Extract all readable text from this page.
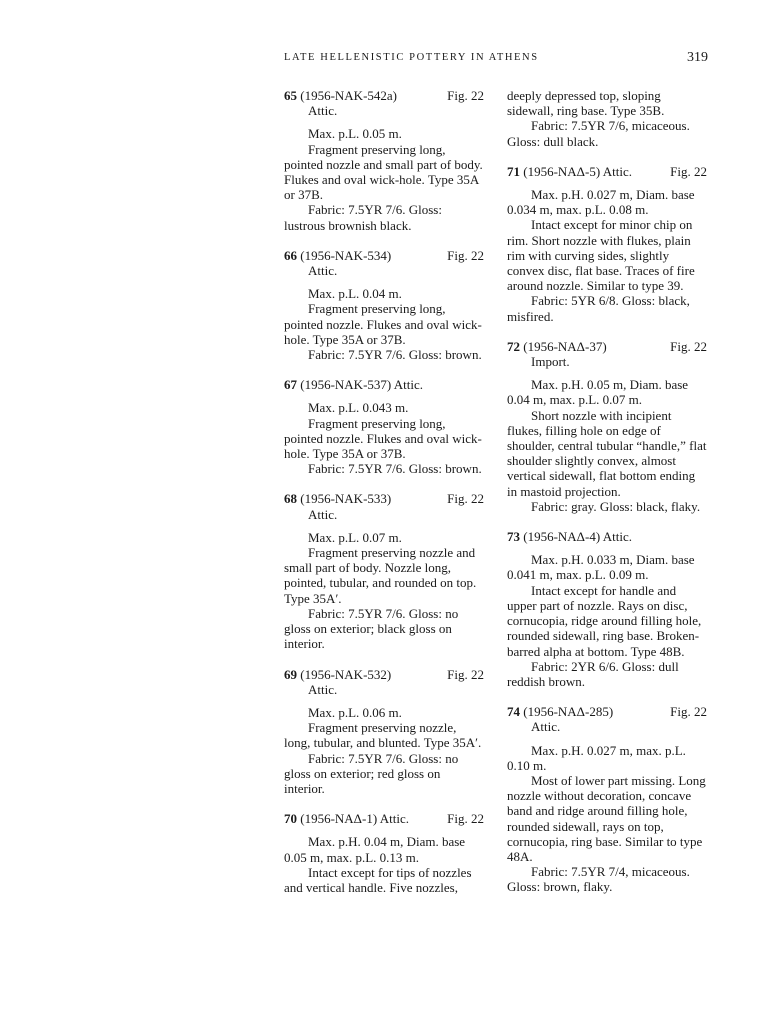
LATE HELLENISTIC POTTERY IN ATHENS	319
65 (1956-NAK-542a)	Fig. 22
Attic.

Max. p.L. 0.05 m.

Fragment preserving long, pointed nozzle and small part of body. Flukes and oval wick-hole. Type 35A or 37B.

Fabric: 7.5YR 7/6. Gloss: lustrous brownish black.

66 (1956-NAK-534)	Fig. 22
Attic.

Max. p.L. 0.04 m.

Fragment preserving long, pointed nozzle. Flukes and oval wick-hole. Type 35A or 37B.

Fabric: 7.5YR 7/6. Gloss: brown.

67 (1956-NAK-537) Attic.

Max. p.L. 0.043 m.

Fragment preserving long, pointed nozzle. Flukes and oval wick-hole. Type 35A or 37B.

Fabric: 7.5YR 7/6. Gloss: brown.

68 (1956-NAK-533)	Fig. 22
Attic.

Max. p.L. 0.07 m.

Fragment preserving nozzle and small part of body. Nozzle long, pointed, tubular, and rounded on top. Type 35A′.

Fabric: 7.5YR 7/6. Gloss: no gloss on exterior; black gloss on interior.

69 (1956-NAK-532)	Fig. 22
Attic.

Max. p.L. 0.06 m.

Fragment preserving nozzle, long, tubular, and blunted. Type 35A′.

Fabric: 7.5YR 7/6. Gloss: no gloss on exterior; red gloss on interior.

70 (1956-NAΔ-1) Attic.	Fig. 22

Max. p.H. 0.04 m, Diam. base 0.05 m, max. p.L. 0.13 m.

Intact except for tips of nozzles and vertical handle. Five nozzles,

deeply depressed top, sloping sidewall, ring base. Type 35B.

Fabric: 7.5YR 7/6, micaceous. Gloss: dull black.

71 (1956-NAΔ-5) Attic.	Fig. 22

Max. p.H. 0.027 m, Diam. base 0.034 m, max. p.L. 0.08 m.

Intact except for minor chip on rim. Short nozzle with flukes, plain rim with curving sides, slightly convex disc, flat base. Traces of fire around nozzle. Similar to type 39.

Fabric: 5YR 6/8. Gloss: black, misfired.

72 (1956-NAΔ-37)	Fig. 22
Import.

Max. p.H. 0.05 m, Diam. base 0.04 m, max. p.L. 0.07 m.

Short nozzle with incipient flukes, filling hole on edge of shoulder, central tubular “handle,” flat shoulder slightly convex, almost vertical sidewall, flat bottom ending in mastoid projection.

Fabric: gray. Gloss: black, flaky.

73 (1956-NAΔ-4) Attic.

Max. p.H. 0.033 m, Diam. base 0.041 m, max. p.L. 0.09 m.

Intact except for handle and upper part of nozzle. Rays on disc, cornucopia, ridge around filling hole, rounded sidewall, ring base. Broken-barred alpha at bottom. Type 48B.

Fabric: 2YR 6/6. Gloss: dull reddish brown.

74 (1956-NAΔ-285)	Fig. 22
Attic.

Max. p.H. 0.027 m, max. p.L. 0.10 m.

Most of lower part missing. Long nozzle without decoration, concave band and ridge around filling hole, rounded sidewall, rays on top, cornucopia, ring base. Similar to type 48A.

Fabric: 7.5YR 7/4, micaceous. Gloss: brown, flaky.
